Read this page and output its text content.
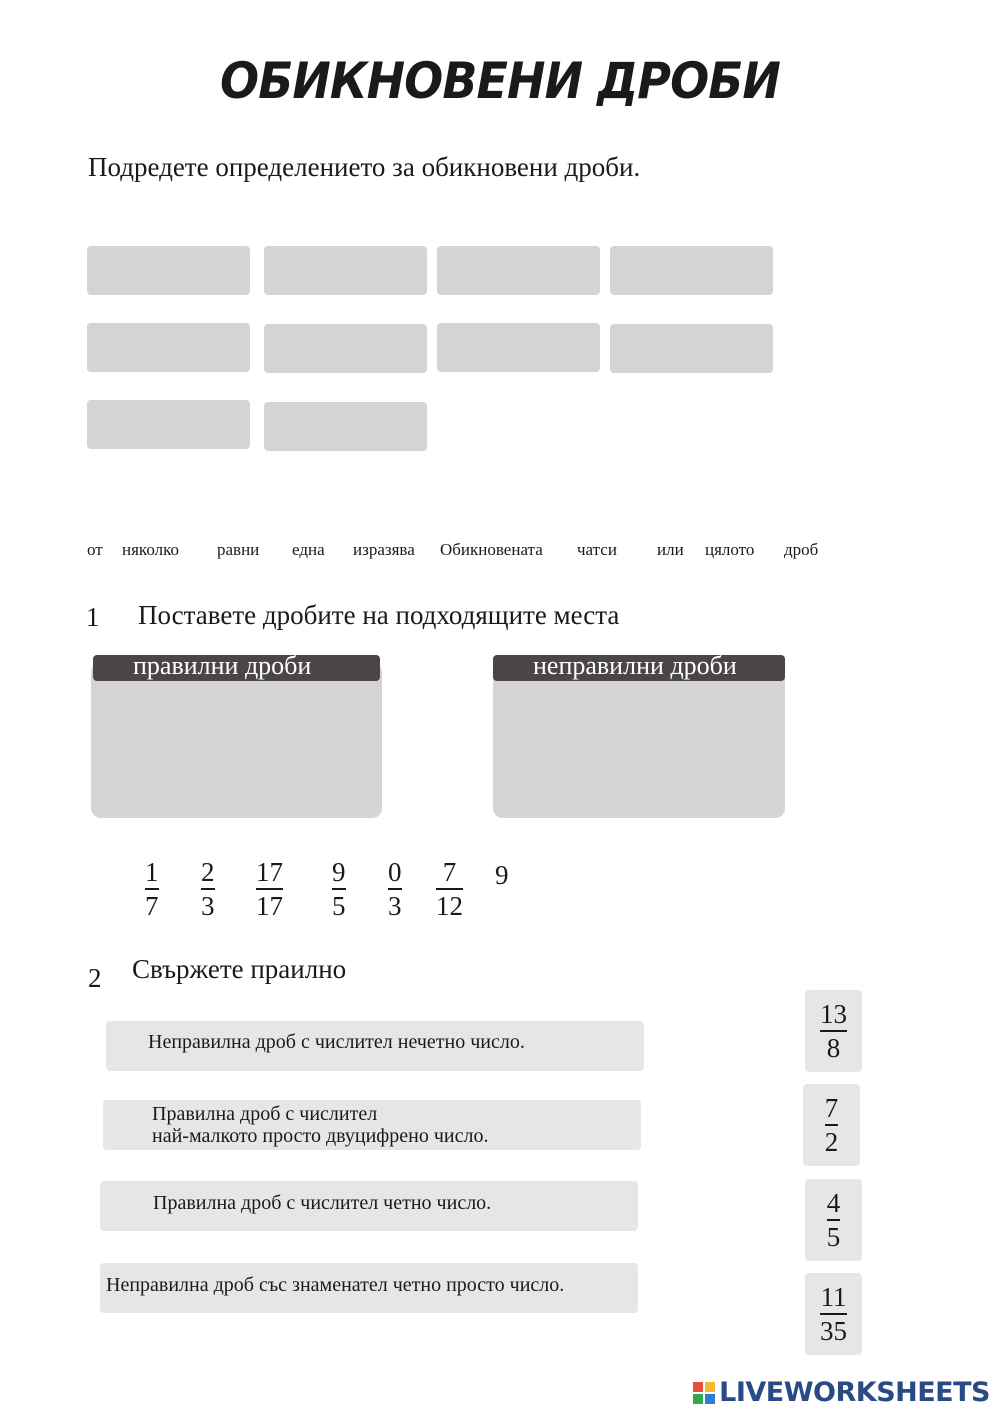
ОБИКНОВЕНИ ДРОБИ
Подредете определението за обикновени дроби.
от няколко равни една изразява Обикновената чатси или цялото дроб
1 Поставете дробите на подходящите места
правилни дроби	неправилни дроби
1
7
2
3
17
17
9
5
0
3
7
12
9
2 Свържете праилно
Неправилна дроб с числител нечетно число.
Правилна дроб с числител
най-малкото просто двуцифрено число.
Правилна дроб с числител четно число.
Неправилна дроб със знаменател четно просто число.
$\frac{13}{8}$
$\frac{7}{2}$
$\frac{4}{5}$
$\frac{11}{35}$
LIVEWORKSHEETS
